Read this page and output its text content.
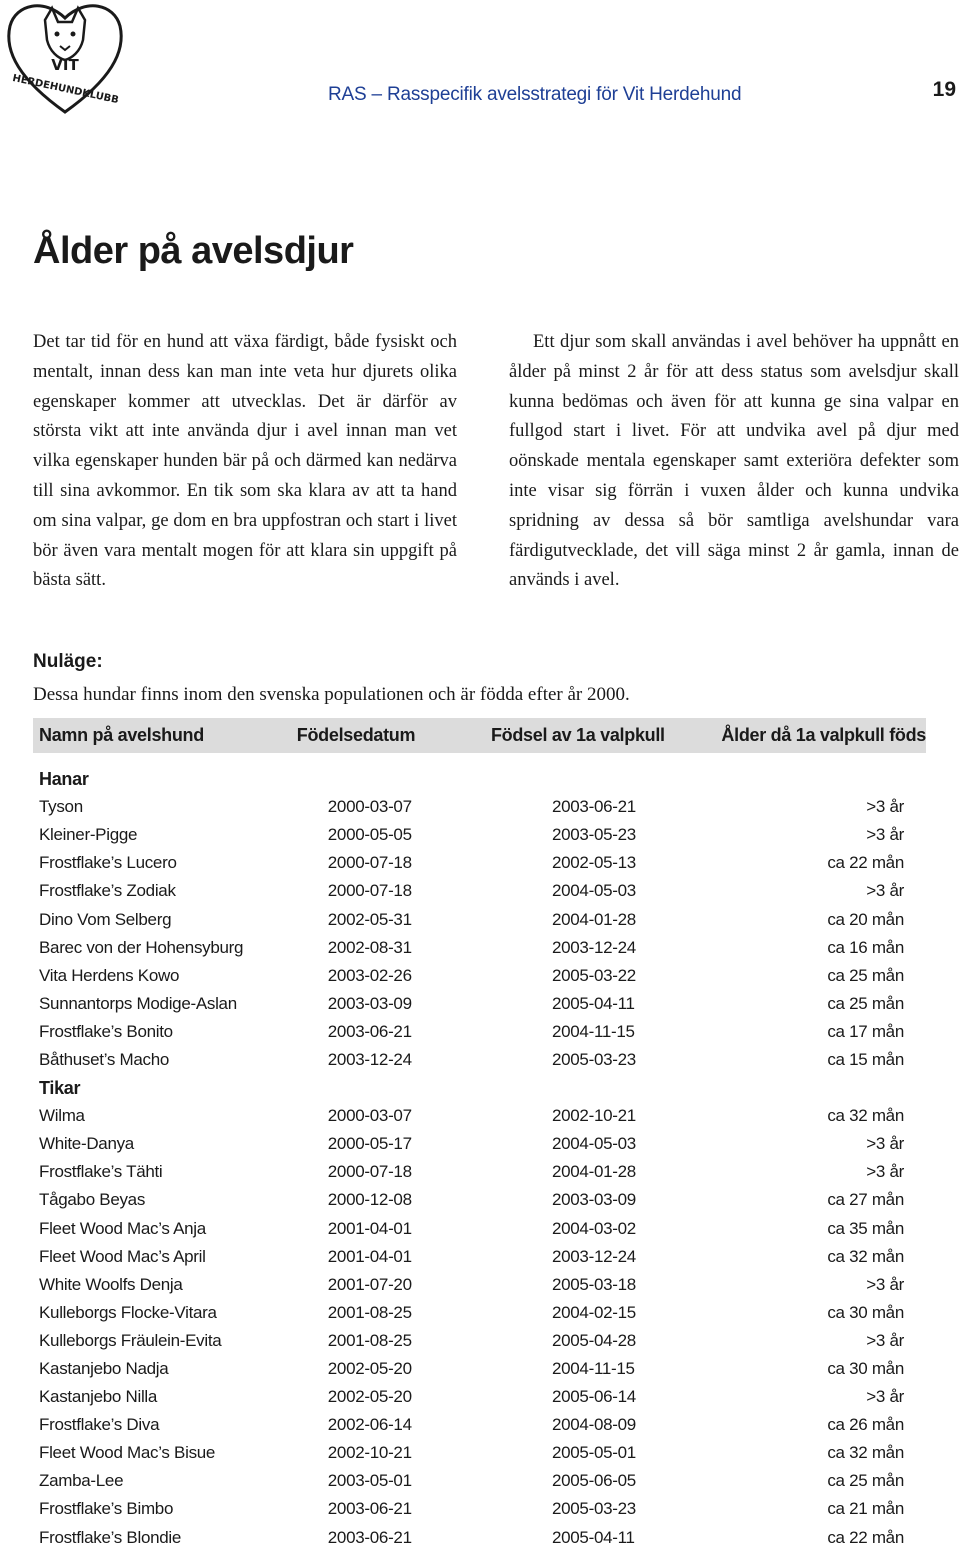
VIT
HERDEHUNDKLUBB	RAS – Rasspecifik avelsstrategi för Vit Herdehund	19
Ålder på avelsdjur

Det tar tid för en hund att växa färdigt, både fysiskt och mentalt, innan dess kan man inte veta hur djurets olika egenskaper kommer att utvecklas. Det är därför av största vikt att inte använda djur i avel innan man vet vilka egenskaper hunden bär på och därmed kan nedärva till sina avkommor. En tik som ska klara av att ta hand om sina valpar, ge dom en bra uppfostran och start i livet bör även vara mentalt mogen för att klara sin uppgift på bästa sätt.

Ett djur som skall användas i avel behöver ha uppnått en ålder på minst 2 år för att dess status som avelsdjur skall kunna bedömas och även för att kunna ge sina valpar en fullgod start i livet. För att undvika avel på djur med oönskade mentala egenskaper samt exteriöra defekter som inte visar sig förrän i vuxen ålder och kunna undvika spridning av dessa så bör samtliga avelshundar vara färdigutvecklade, det vill säga minst 2 år gamla, innan de används i avel.

Nuläge:
Dessa hundar finns inom den svenska populationen och är födda efter år 2000.
Namn på avelshund	Födelsedatum	Födsel av 1a valpkull	Ålder då 1a valpkull föds

Hanar			
Tyson	2000-03-07	2003-06-21	>3 år
Kleiner-Pigge	2000-05-05	2003-05-23	>3 år
Frostflake’s Lucero	2000-07-18	2002-05-13	ca 22 mån
Frostflake’s Zodiak	2000-07-18	2004-05-03	>3 år
Dino Vom Selberg	2002-05-31	2004-01-28	ca 20 mån
Barec von der Hohensyburg	2002-08-31	2003-12-24	ca 16 mån
Vita Herdens Kowo	2003-02-26	2005-03-22	ca 25 mån
Sunnantorps Modige-Aslan	2003-03-09	2005-04-11	ca 25 mån
Frostflake’s Bonito	2003-06-21	2004-11-15	ca 17 mån
Båthuset’s Macho	2003-12-24	2005-03-23	ca 15 mån
Tikar			
Wilma	2000-03-07	2002-10-21	ca 32 mån
White-Danya	2000-05-17	2004-05-03	>3 år
Frostflake’s Tähti	2000-07-18	2004-01-28	>3 år
Tågabo Beyas	2000-12-08	2003-03-09	ca 27 mån
Fleet Wood Mac’s Anja	2001-04-01	2004-03-02	ca 35 mån
Fleet Wood Mac’s April	2001-04-01	2003-12-24	ca 32 mån
White Woolfs Denja	2001-07-20	2005-03-18	>3 år
Kulleborgs Flocke-Vitara	2001-08-25	2004-02-15	ca 30 mån
Kulleborgs Fräulein-Evita	2001-08-25	2005-04-28	>3 år
Kastanjebo Nadja	2002-05-20	2004-11-15	ca 30 mån
Kastanjebo Nilla	2002-05-20	2005-06-14	>3 år
Frostflake’s Diva	2002-06-14	2004-08-09	ca 26 mån
Fleet Wood Mac’s Bisue	2002-10-21	2005-05-01	ca 32 mån
Zamba-Lee	2003-05-01	2005-06-05	ca 25 mån
Frostflake’s Bimbo	2003-06-21	2005-03-23	ca 21 mån
Frostflake’s Blondie	2003-06-21	2005-04-11	ca 22 mån
